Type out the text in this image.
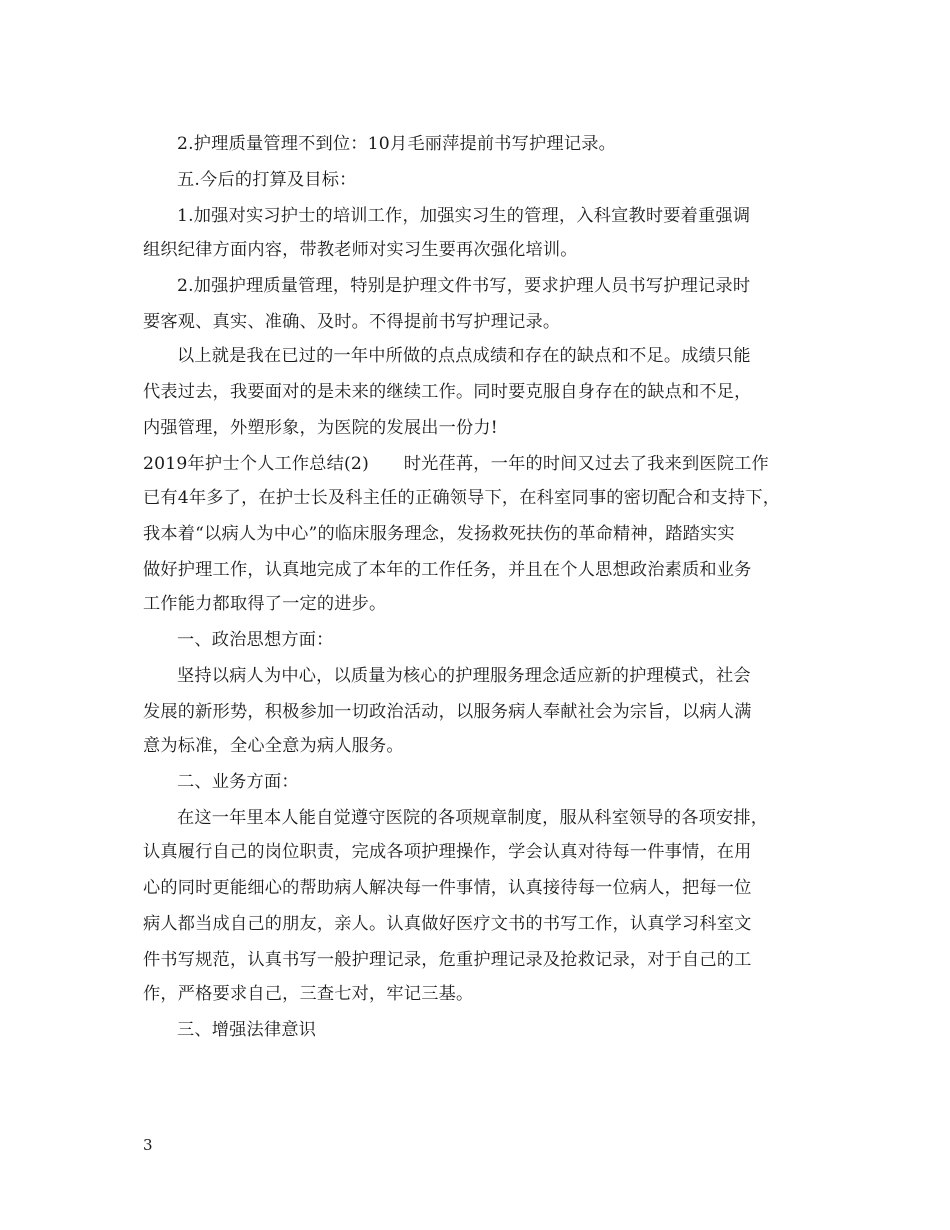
2.护理质量管理不到位：10月毛丽萍提前书写护理记录。
五.今后的打算及目标：
1.加强对实习护士的培训工作，加强实习生的管理，入科宣教时要着重强调
组织纪律方面内容，带教老师对实习生要再次强化培训。
2.加强护理质量管理，特别是护理文件书写，要求护理人员书写护理记录时
要客观、真实、准确、及时。不得提前书写护理记录。
以上就是我在已过的一年中所做的点点成绩和存在的缺点和不足。成绩只能
代表过去，我要面对的是未来的继续工作。同时要克服自身存在的缺点和不足，
内强管理，外塑形象，为医院的发展出一份力!
2019年护士个人工作总结(2)　　时光荏苒，一年的时间又过去了我来到医院工作
已有4年多了，在护士长及科主任的正确领导下，在科室同事的密切配合和支持下，
我本着“以病人为中心”的临床服务理念，发扬救死扶伤的革命精神，踏踏实实
做好护理工作，认真地完成了本年的工作任务，并且在个人思想政治素质和业务
工作能力都取得了一定的进步。
一、政治思想方面：
坚持以病人为中心，以质量为核心的护理服务理念适应新的护理模式，社会
发展的新形势，积极参加一切政治活动，以服务病人奉献社会为宗旨，以病人满
意为标准，全心全意为病人服务。
二、业务方面：
在这一年里本人能自觉遵守医院的各项规章制度，服从科室领导的各项安排，
认真履行自己的岗位职责，完成各项护理操作，学会认真对待每一件事情，在用
心的同时更能细心的帮助病人解决每一件事情，认真接待每一位病人，把每一位
病人都当成自己的朋友，亲人。认真做好医疗文书的书写工作，认真学习科室文
件书写规范，认真书写一般护理记录，危重护理记录及抢救记录，对于自己的工
作，严格要求自己，三查七对，牢记三基。
三、增强法律意识
3
